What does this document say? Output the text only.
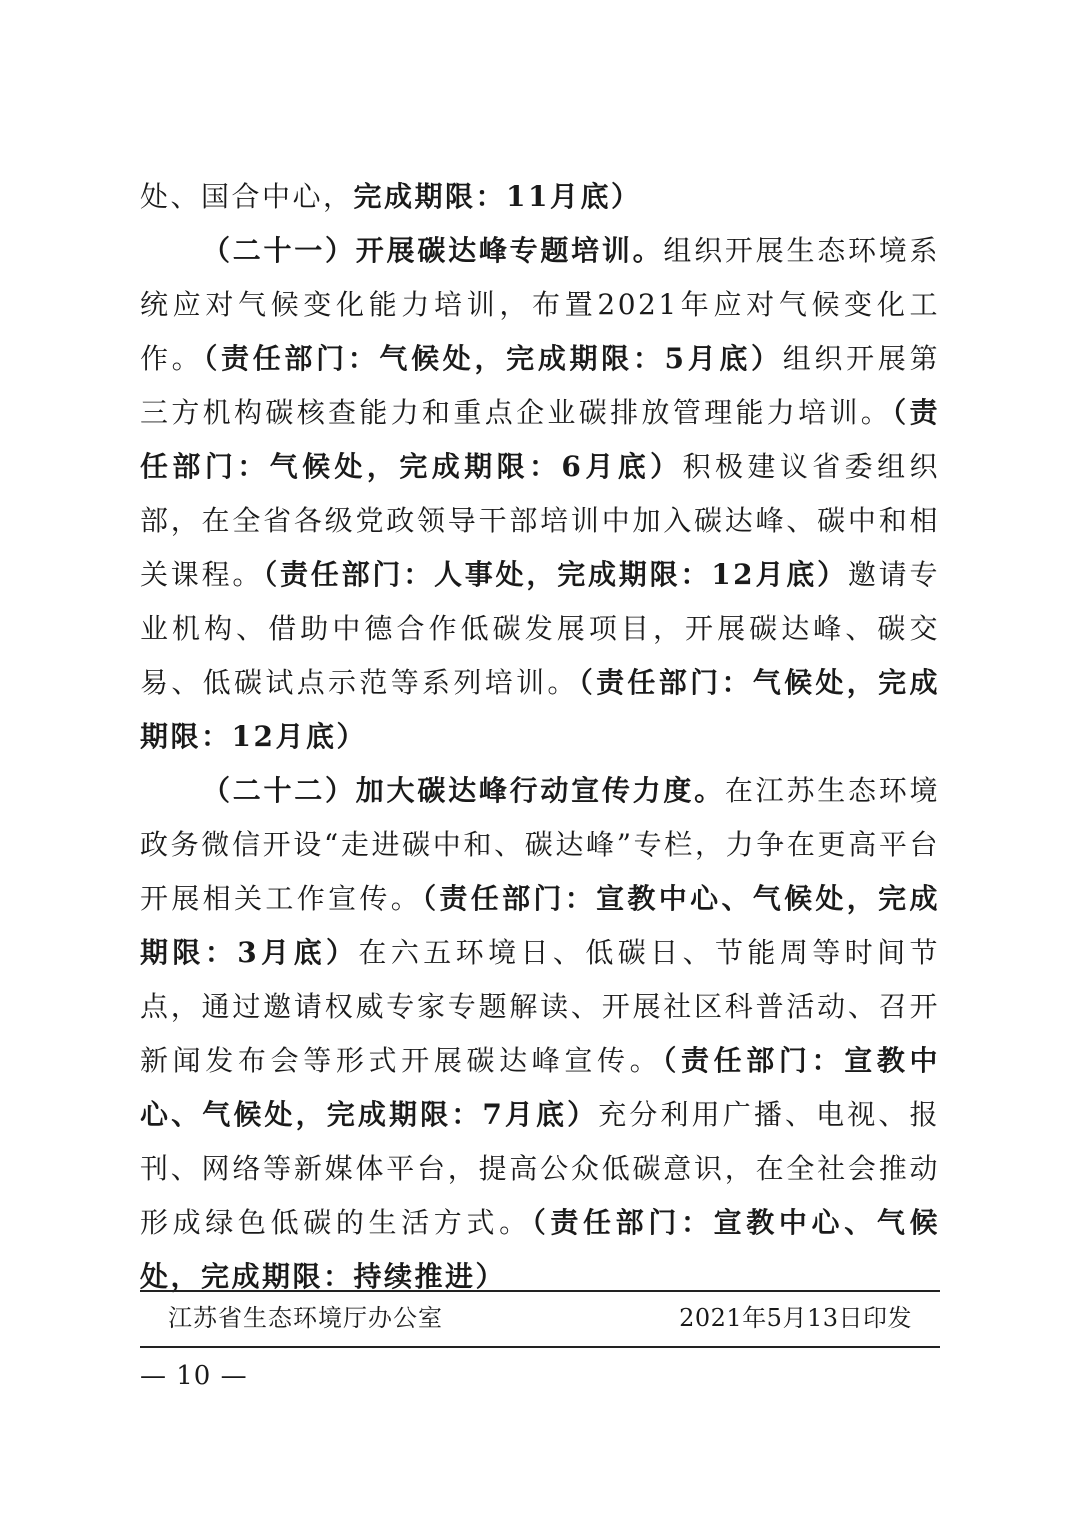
处、国合中心，完成期限：11月底）

（二十一）开展碳达峰专题培训。组织开展生态环境系统应对气候变化能力培训，布置2021年应对气候变化工作。（责任部门：气候处，完成期限：5月底）组织开展第三方机构碳核查能力和重点企业碳排放管理能力培训。（责任部门：气候处，完成期限：6月底）积极建议省委组织部，在全省各级党政领导干部培训中加入碳达峰、碳中和相关课程。（责任部门：人事处，完成期限：12月底）邀请专业机构、借助中德合作低碳发展项目，开展碳达峰、碳交易、低碳试点示范等系列培训。（责任部门：气候处，完成期限：12月底）

（二十二）加大碳达峰行动宣传力度。在江苏生态环境政务微信开设“走进碳中和、碳达峰”专栏，力争在更高平台开展相关工作宣传。（责任部门：宣教中心、气候处，完成期限：3月底）在六五环境日、低碳日、节能周等时间节点，通过邀请权威专家专题解读、开展社区科普活动、召开新闻发布会等形式开展碳达峰宣传。（责任部门：宣教中心、气候处，完成期限：7月底）充分利用广播、电视、报刊、网络等新媒体平台，提高公众低碳意识，在全社会推动形成绿色低碳的生活方式。（责任部门：宣教中心、气候处，完成期限：持续推进）

江苏省生态环境厅办公室	2021年5月13日印发
— 10 —
